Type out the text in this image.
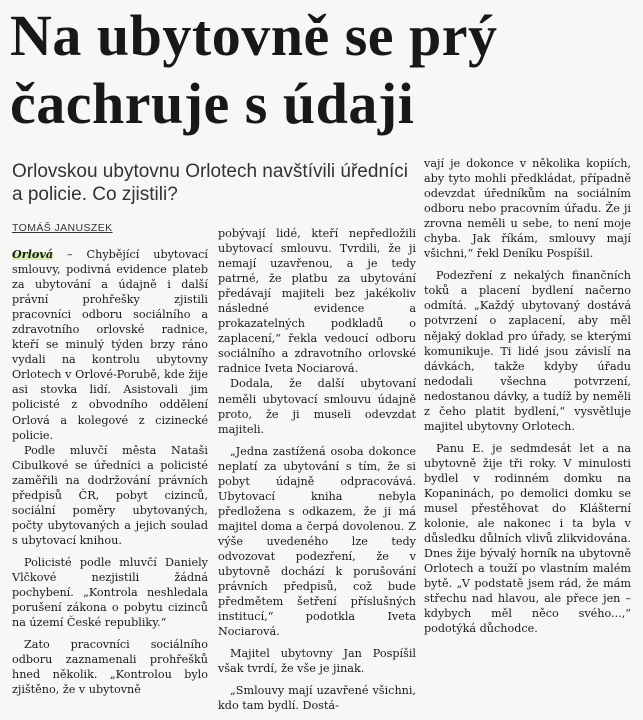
Na ubytovně se prý
čachruje s údaji
Orlovskou ubytovnu Orlotech navštívili úředníci a policie. Co zjistili?
TOMÁŠ JANUSZEK

Orlová – Chybějící ubytovací smlouvy, podivná evidence plateb za ubytování a údajně i další právní prohřešky zjistili pracovníci odboru sociálního a zdravotního orlovské radnice, kteří se minulý týden brzy ráno vydali na kontrolu ubytovny Orlotech v Orlové-Porubě, kde žije asi stovka lidí. Asistovali jim policisté z obvodního oddělení Orlová a kolegové z cizinecké policie.

Podle mluvčí města Nataši Cibulkové se úředníci a policisté zaměřili na dodržování právních předpisů ČR, pobyt cizinců, sociální poměry ubytovaných, počty ubytovaných a jejich soulad s ubytovací knihou.

Policisté podle mluvčí Daniely Vlčkové nezjistili žádná pochybení. „Kontrola neshledala porušení zákona o pobytu cizinců na území České republiky.“

Zato pracovníci sociálního odboru zaznamenali prohřešků hned několik. „Kontrolou bylo zjištěno, že v ubytovně

pobývají lidé, kteří nepředložili ubytovací smlouvu. Tvrdili, že ji nemají uzavřenou, a je tedy patrné, že platbu za ubytování předávají majiteli bez jakékoliv následné evidence a prokazatelných podkladů o zaplacení,“ řekla vedoucí odboru sociálního a zdravotního orlovské radnice Iveta Nociarová.

Dodala, že další ubytovaní neměli ubytovací smlouvu údajně proto, že ji museli odevzdat majiteli.

„Jedna zastížená osoba dokonce neplatí za ubytování s tím, že si pobyt údajně odpracovává. Ubytovací kniha nebyla předložena s odkazem, že ji má majitel doma a čerpá dovolenou. Z výše uvedeného lze tedy odvozovat podezření, že v ubytovně dochází k porušování právních předpisů, což bude předmětem šetření příslušných institucí,“ podotkla Iveta Nociarová.

Majitel ubytovny Jan Pospíšil však tvrdí, že vše je jinak.

„Smlouvy mají uzavřené všichni, kdo tam bydlí. Dostá-

vají je dokonce v několika kopiích, aby tyto mohli předkládat, případně odevzdat úředníkům na sociálním odboru nebo pracovním úřadu. Že ji zrovna neměli u sebe, to není moje chyba. Jak říkám, smlouvy mají všichni,“ řekl Deníku Pospíšil.

Podezření z nekalých finančních toků a placení bydlení načerno odmítá. „Každý ubytovaný dostává potvrzení o zaplacení, aby měl nějaký doklad pro úřady, se kterými komunikuje. Ti lidé jsou závislí na dávkách, takže kdyby úřadu nedodali všechna potvrzení, nedostanou dávky, a tudíž by neměli z čeho platit bydlení,“ vysvětluje majitel ubytovny Orlotech.

Panu E. je sedmdesát let a na ubytovně žije tři roky. V minulosti bydlel v rodinném domku na Kopaninách, po demolici domku se musel přestěhovat do Klášterní kolonie, ale nakonec i ta byla v důsledku důlních vlivů zlikvidována. Dnes žije bývalý horník na ubytovně Orlotech a touží po vlastním malém bytě. „V podstatě jsem rád, že mám střechu nad hlavou, ale přece jen – kdybych měl něco svého...,“ podotýká důchodce.
